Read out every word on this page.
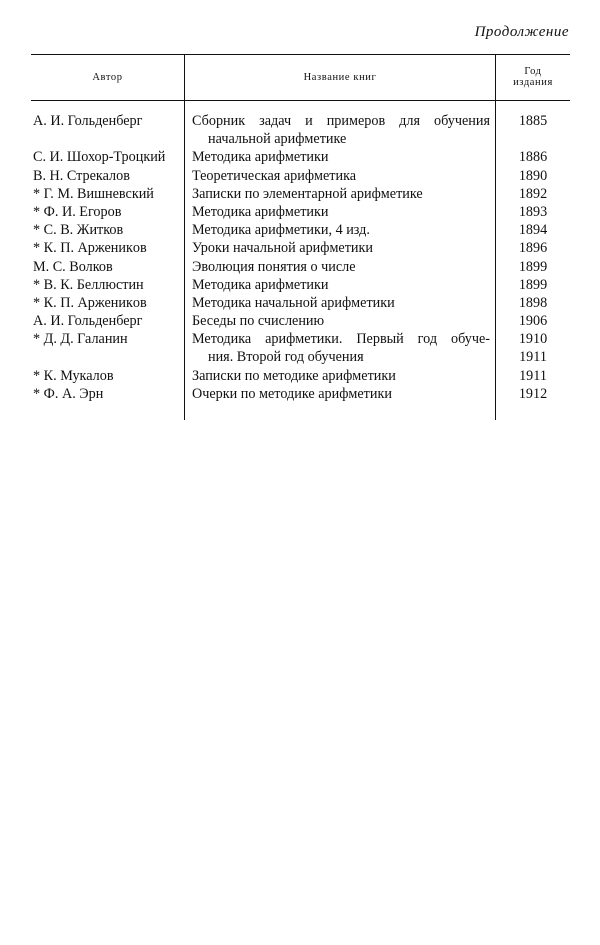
Продолжение
Автор	Название книг	Год
издания
А. И. Гольденберг	Сборник задач и примеров для обучения	1885
начальной арифметике
С. И. Шохор-Троцкий	Методика арифметики	1886
В. Н. Стрекалов	Теоретическая арифметика	1890
* Г. М. Вишневский	Записки по элементарной арифметике	1892
* Ф. И. Егоров	Методика арифметики	1893
* С. В. Житков	Методика арифметики, 4 изд.	1894
* К. П. Арженикoв	Уроки начальной арифметики	1896
М. С. Волков	Эволюция понятия о числе	1899
* В. К. Беллюстин	Методика арифметики	1899
* К. П. Арженикoв	Методика начальной арифметики	1898
А. И. Гольденберг	Беседы по счислению	1906
* Д. Д. Галанин	Методика арифметики. Первый год обуче-	1910
ния. Второй год обучения	1911
* К. Мукалов	Записки по методике арифметики	1911
* Ф. А. Эрн	Очерки по методике арифметики	1912
